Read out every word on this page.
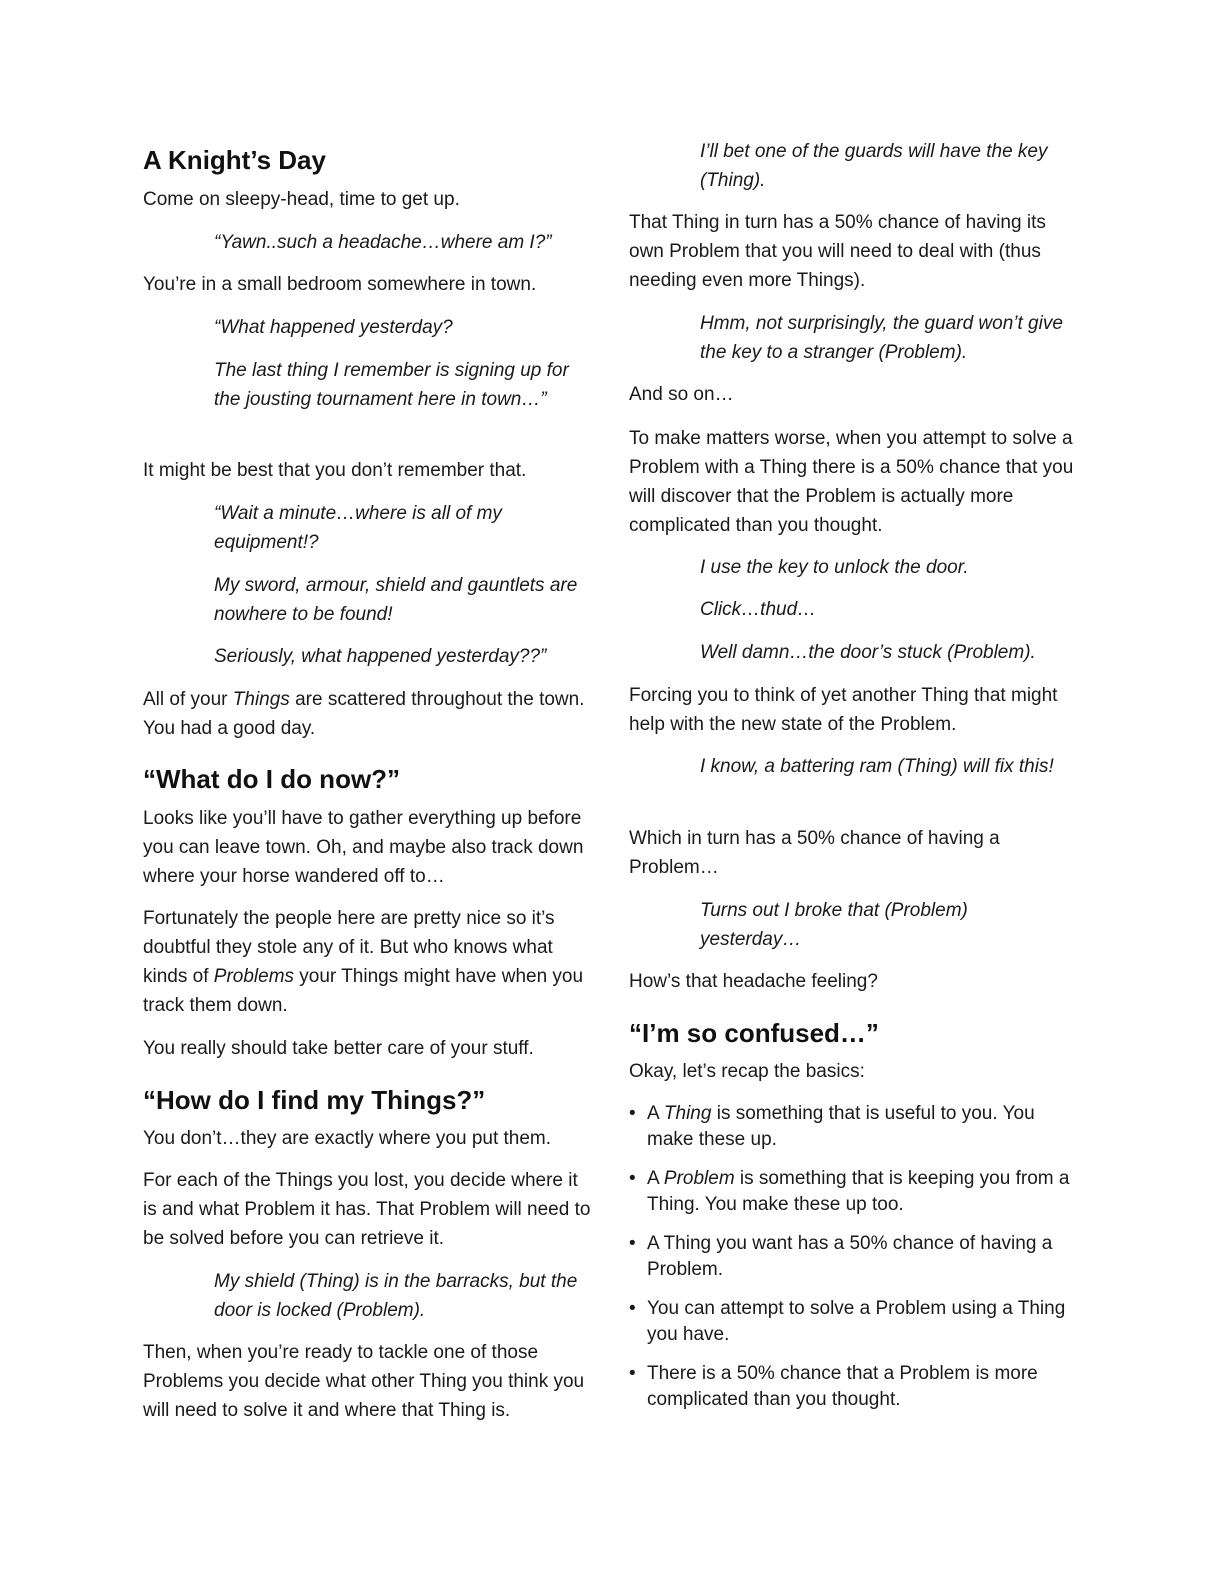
A Knight’s Day

Come on sleepy-head, time to get up.

“Yawn..such a headache…where am I?”

You’re in a small bedroom somewhere in town.

“What happened yesterday?

The last thing I remember is signing up for the jousting tournament here in town…”

It might be best that you don’t remember that.

“Wait a minute…where is all of my equipment!?

My sword, armour, shield and gauntlets are nowhere to be found!

Seriously, what happened yesterday??”

All of your Things are scattered throughout the town. You had a good day.

“What do I do now?”

Looks like you’ll have to gather everything up before you can leave town. Oh, and maybe also track down where your horse wandered off to…

Fortunately the people here are pretty nice so it’s doubtful they stole any of it. But who knows what kinds of Problems your Things might have when you track them down.

You really should take better care of your stuff.

“How do I find my Things?”

You don’t…they are exactly where you put them.

For each of the Things you lost, you decide where it is and what Problem it has. That Problem will need to be solved before you can retrieve it.

My shield (Thing) is in the barracks, but the door is locked (Problem).

Then, when you’re ready to tackle one of those Problems you decide what other Thing you think you will need to solve it and where that Thing is.

I’ll bet one of the guards will have the key (Thing).

That Thing in turn has a 50% chance of having its own Problem that you will need to deal with (thus needing even more Things).

Hmm, not surprisingly, the guard won’t give the key to a stranger (Problem).

And so on…

To make matters worse, when you attempt to solve a Problem with a Thing there is a 50% chance that you will discover that the Problem is actually more complicated than you thought.

I use the key to unlock the door.

Click…thud…

Well damn…the door’s stuck (Problem).

Forcing you to think of yet another Thing that might help with the new state of the Problem.

I know, a battering ram (Thing) will fix this!

Which in turn has a 50% chance of having a Problem…

Turns out I broke that (Problem) yesterday…

How’s that headache feeling?

“I’m so confused…”

Okay, let’s recap the basics:

• A Thing is something that is useful to you. You make these up.
• A Problem is something that is keeping you from a Thing. You make these up too.
• A Thing you want has a 50% chance of having a Problem.
• You can attempt to solve a Problem using a Thing you have.
• There is a 50% chance that a Problem is more complicated than you thought.
